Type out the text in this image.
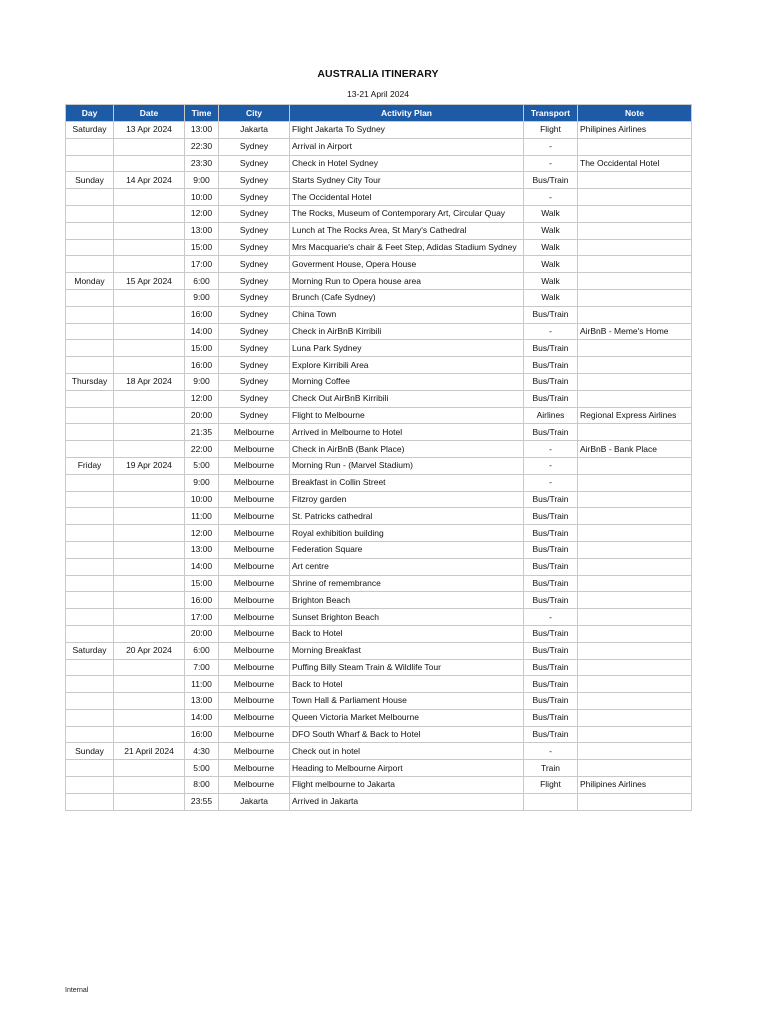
AUSTRALIA ITINERARY
13-21 April 2024
Day	Date	Time	City	Activity Plan	Transport	Note
Saturday	13 Apr 2024	13:00	Jakarta	Flight Jakarta To Sydney	Flight	Philipines Airlines
		22:30	Sydney	Arrival in Airport	-	
		23:30	Sydney	Check in Hotel Sydney	-	The Occidental Hotel
Sunday	14 Apr 2024	9:00	Sydney	Starts Sydney City Tour	Bus/Train	
		10:00	Sydney	The Occidental Hotel	-	
		12:00	Sydney	The Rocks, Museum of Contemporary Art, Circular Quay	Walk	
		13:00	Sydney	Lunch at The Rocks Area, St Mary's Cathedral	Walk	
		15:00	Sydney	Mrs Macquarie's chair & Feet Step, Adidas Stadium Sydney	Walk	
		17:00	Sydney	Goverment House, Opera House	Walk	
Monday	15 Apr 2024	6:00	Sydney	Morning Run to Opera house area	Walk	
		9:00	Sydney	Brunch (Cafe Sydney)	Walk	
		16:00	Sydney	China Town	Bus/Train	
		14:00	Sydney	Check in AirBnB Kirribili	-	AirBnB - Meme's Home
		15:00	Sydney	Luna Park Sydney	Bus/Train	
		16:00	Sydney	Explore Kirribili Area	Bus/Train	
Thursday	18 Apr 2024	9:00	Sydney	Morning Coffee	Bus/Train	
		12:00	Sydney	Check Out AirBnB Kirribili	Bus/Train	
		20:00	Sydney	Flight to Melbourne	Airlines	Regional Express Airlines
		21:35	Melbourne	Arrived in Melbourne to Hotel	Bus/Train	
		22:00	Melbourne	Check in AirBnB (Bank Place)	-	AirBnB - Bank Place
Friday	19 Apr 2024	5:00	Melbourne	Morning Run - (Marvel Stadium)	-	
		9:00	Melbourne	Breakfast in Collin Street	-	
		10:00	Melbourne	Fitzroy garden	Bus/Train	
		11:00	Melbourne	St. Patricks cathedral	Bus/Train	
		12:00	Melbourne	Royal exhibition building	Bus/Train	
		13:00	Melbourne	Federation Square	Bus/Train	
		14:00	Melbourne	Art centre	Bus/Train	
		15:00	Melbourne	Shrine of remembrance	Bus/Train	
		16:00	Melbourne	Brighton Beach	Bus/Train	
		17:00	Melbourne	Sunset Brighton Beach	-	
		20:00	Melbourne	Back to Hotel	Bus/Train	
Saturday	20 Apr 2024	6:00	Melbourne	Morning Breakfast	Bus/Train	
		7:00	Melbourne	Puffing Billy Steam Train & Wildlife Tour	Bus/Train	
		11:00	Melbourne	Back to Hotel	Bus/Train	
		13:00	Melbourne	Town Hall & Parliament House	Bus/Train	
		14:00	Melbourne	Queen Victoria Market Melbourne	Bus/Train	
		16:00	Melbourne	DFO South Wharf & Back to Hotel	Bus/Train	
Sunday	21 April 2024	4:30	Melbourne	Check out in hotel	-	
		5:00	Melbourne	Heading to Melbourne Airport	Train	
		8:00	Melbourne	Flight melbourne to Jakarta	Flight	Philipines Airlines
		23:55	Jakarta	Arrived in Jakarta		
Internal
